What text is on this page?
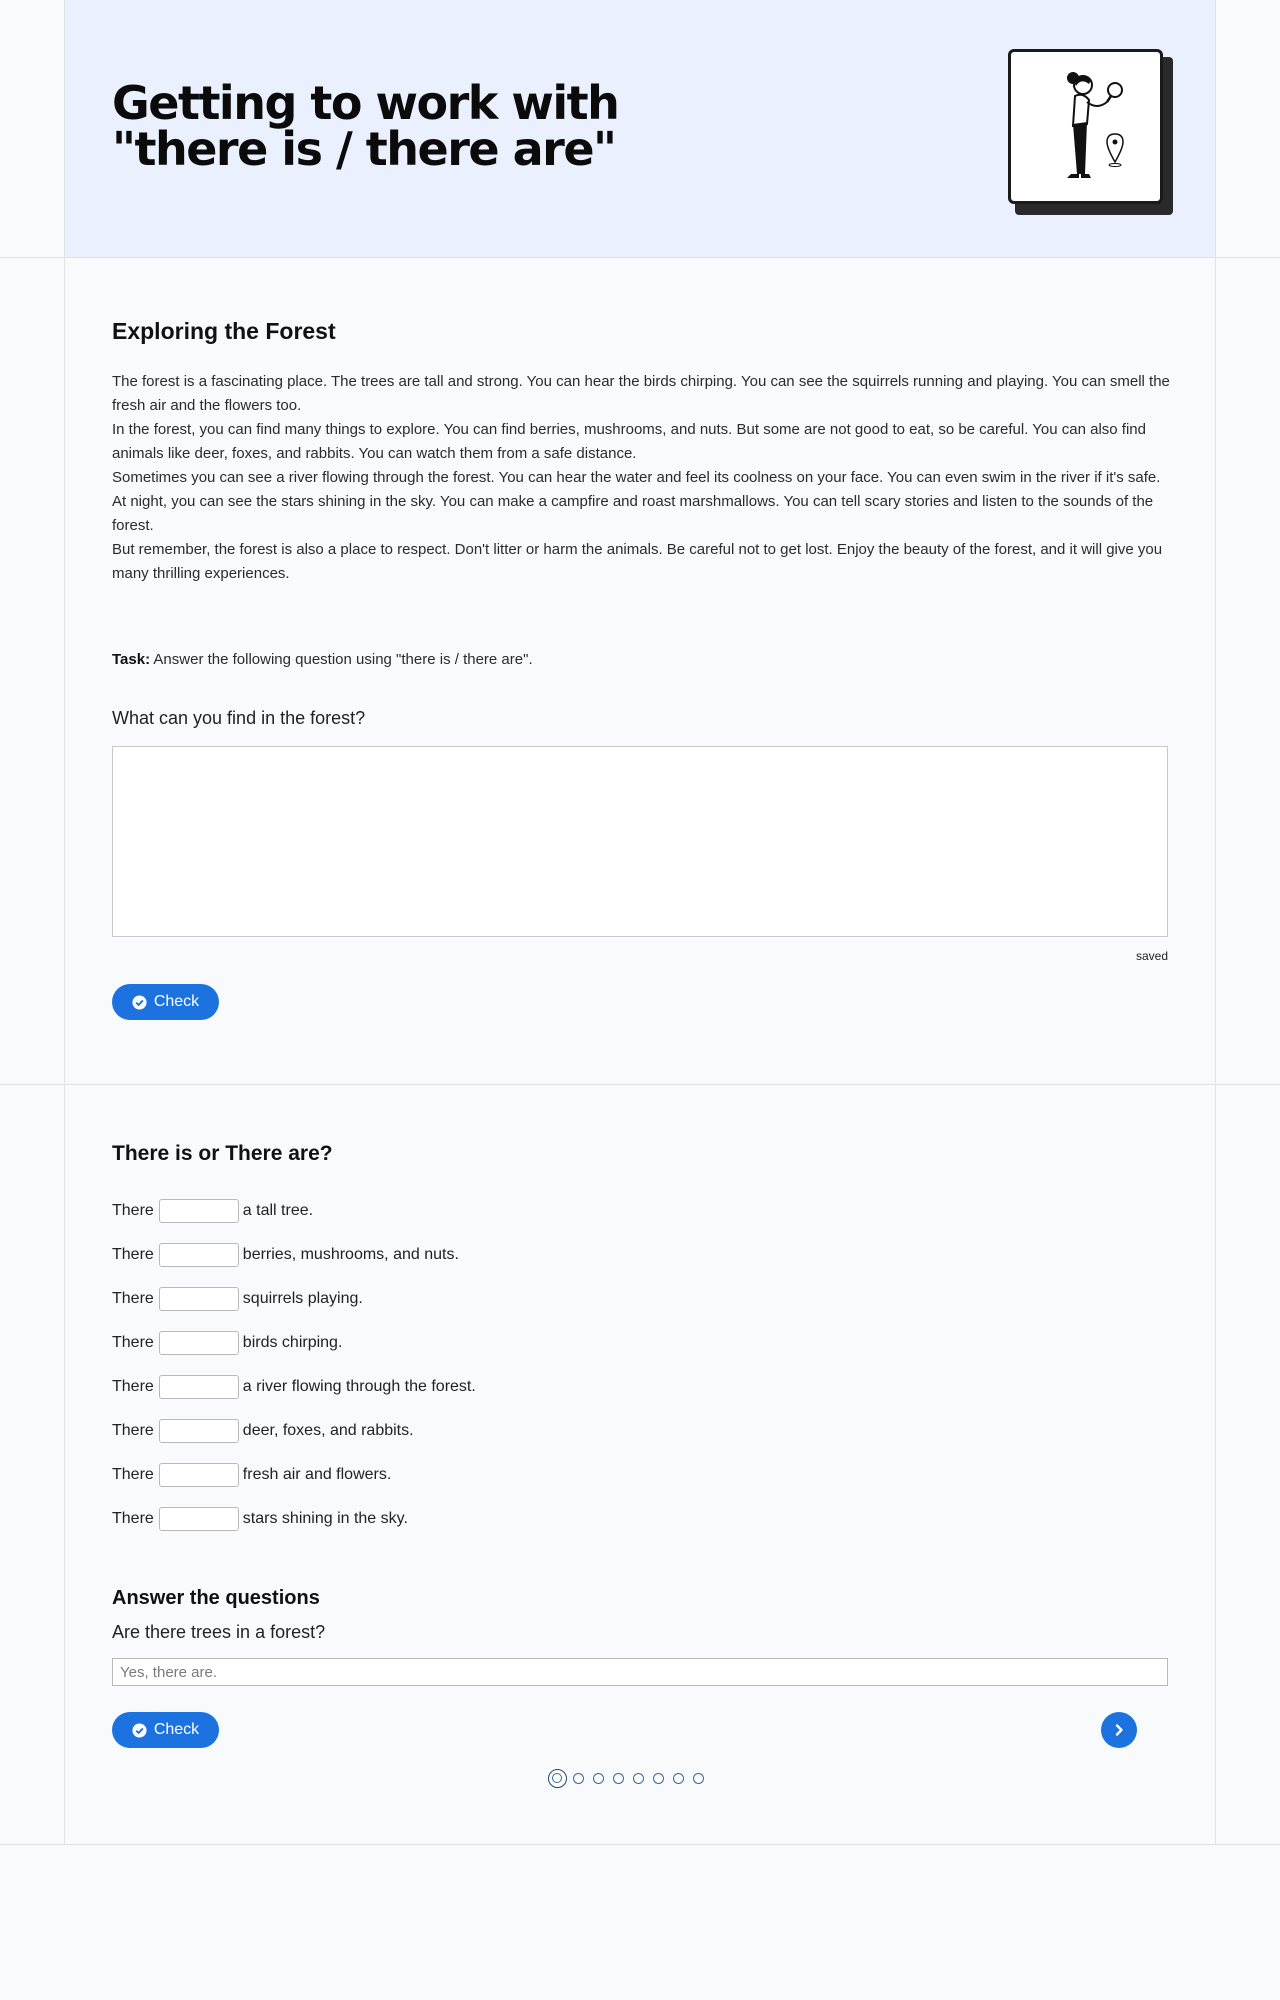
Getting to work with
"there is / there are"
Exploring the Forest

The forest is a fascinating place. The trees are tall and strong. You can hear the birds chirping. You can see the squirrels running and playing. You can smell the fresh air and the flowers too.

In the forest, you can find many things to explore. You can find berries, mushrooms, and nuts. But some are not good to eat, so be careful. You can also find animals like deer, foxes, and rabbits. You can watch them from a safe distance.

Sometimes you can see a river flowing through the forest. You can hear the water and feel its coolness on your face. You can even swim in the river if it's safe.

At night, you can see the stars shining in the sky. You can make a campfire and roast marshmallows. You can tell scary stories and listen to the sounds of the forest.

But remember, the forest is also a place to respect. Don't litter or harm the animals. Be careful not to get lost. Enjoy the beauty of the forest, and it will give you many thrilling experiences.

Task: Answer the following question using "there is / there are".

What can you find in the forest?

saved
Check
There is or There are?
There	a tall tree.
There	berries, mushrooms, and nuts.
There	squirrels playing.
There	birds chirping.
There	a river flowing through the forest.
There	deer, foxes, and rabbits.
There	fresh air and flowers.
There	stars shining in the sky.
Answer the questions

Are there trees in a forest?

Yes, there are.
Check
